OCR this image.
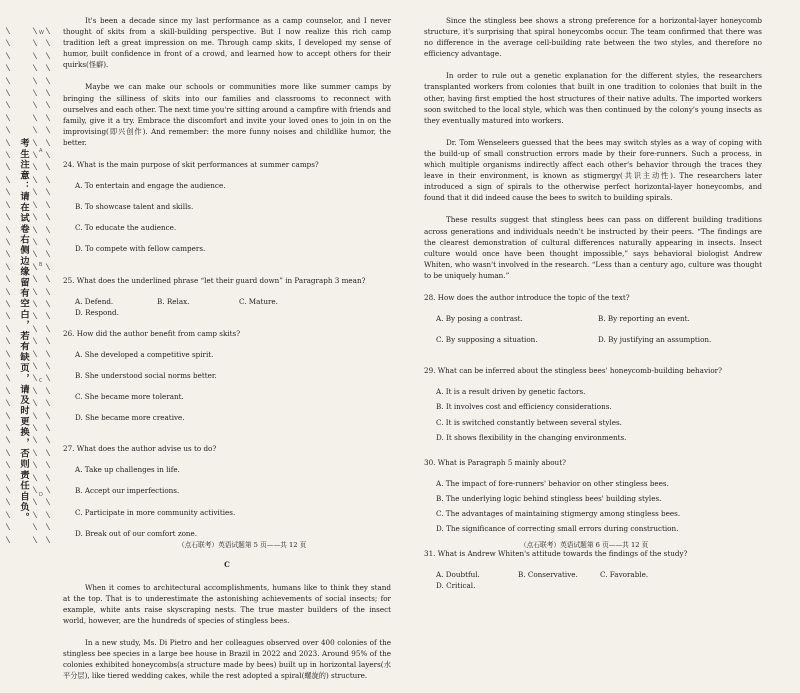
\
\
\
\
\
\
\
\
\
\
\
\
\
\
\
\
\
\
\
\
\
\
\
\
\
\
\
\
\
\
\
\
\
\
\
\
\
\
\
\
\
\
\
\
\
\
\
\
\
\
\
\
\
\
\
\
\
\
\
\
\
\
\
\
\
\
\
\
\
\
\
\
\
\
\
\
\
\
\
\
\
\
\
\
\
\
\
\
\
\
\
\
\
\
\
\
\
\
\
\
\
\
\
\
\
\
\
\
\
\
\
\
\
\
\
\
\
\
\
\
\
\
\
\
\
\
考生注意：请在试卷右侧边缘留有空白，若有缺页，请及时更换，否则责任自负。
W
A
B
C
D

It's been a decade since my last performance as a camp counselor, and I never thought of skits from a skill-building perspective. But I now realize this rich camp tradition left a great impression on me. Through camp skits, I developed my sense of humor, built confidence in front of a crowd, and learned how to accept others for their quirks(怪癖).

Maybe we can make our schools or communities more like summer camps by bringing the silliness of skits into our families and classrooms to reconnect with ourselves and each other. The next time you're sitting around a campfire with friends and family, give it a try. Embrace the discomfort and invite your loved ones to join in on the improvising(即兴创作). And remember: the more funny noises and childlike humor, the better.

24. What is the main purpose of skit performances at summer camps?
A. To entertain and engage the audience.
B. To showcase talent and skills.
C. To educate the audience.
D. To compete with fellow campers.
25. What does the underlined phrase “let their guard down” in Paragraph 3 mean?
A. Defend.	B. Relax.	C. Mature.
D. Respond.
26. How did the author benefit from camp skits?
A. She developed a competitive spirit.
B. She understood social norms better.
C. She became more tolerant.
D. She became more creative.
27. What does the author advise us to do?
A. Take up challenges in life.
B. Accept our imperfections.
C. Participate in more community activities.
D. Break out of our comfort zone.
C

When it comes to architectural accomplishments, humans like to think they stand at the top. That is to underestimate the astonishing achievements of social insects; for example, white ants raise skyscraping nests. The true master builders of the insect world, however, are the hundreds of species of stingless bees.

In a new study, Ms. Di Pietro and her colleagues observed over 400 colonies of the stingless bee species in a large bee house in Brazil in 2022 and 2023. Around 95% of the colonies exhibited honeycombs(a structure made by bees) built up in horizontal layers(水平分层), like tiered wedding cakes, while the rest adopted a spiral(螺旋的) structure.

（点石联考）英语试题第 5 页——共 12 页

Since the stingless bee shows a strong preference for a horizontal-layer honeycomb structure, it's surprising that spiral honeycombs occur. The team confirmed that there was no difference in the average cell-building rate between the two styles, and therefore no efficiency advantage.

In order to rule out a genetic explanation for the different styles, the researchers transplanted workers from colonies that built in one tradition to colonies that built in the other, having first emptied the host structures of their native adults. The imported workers soon switched to the local style, which was then continued by the colony's young insects as they eventually matured into workers.

Dr. Tom Wenseleers guessed that the bees may switch styles as a way of coping with the build-up of small construction errors made by their fore-runners. Such a process, in which multiple organisms indirectly affect each other's behavior through the traces they leave in their environment, is known as stigmergy(共识主动性). The researchers later introduced a sign of spirals to the otherwise perfect horizontal-layer honeycombs, and found that it did indeed cause the bees to switch to building spirals.

These results suggest that stingless bees can pass on different building traditions across generations and individuals needn't be instructed by their peers. “The findings are the clearest demonstration of cultural differences naturally appearing in insects. Insect culture would once have been thought impossible,” says behavioral biologist Andrew Whiten, who wasn't involved in the research. “Less than a century ago, culture was thought to be uniquely human.”

28. How does the author introduce the topic of the text?
A. By posing a contrast.	B. By reporting an event.
C. By supposing a situation.	D. By justifying an assumption.
29. What can be inferred about the stingless bees' honeycomb-building behavior?
A. It is a result driven by genetic factors.
B. It involves cost and efficiency considerations.
C. It is switched constantly between several styles.
D. It shows flexibility in the changing environments.
30. What is Paragraph 5 mainly about?
A. The impact of fore-runners' behavior on other stingless bees.
B. The underlying logic behind stingless bees' building styles.
C. The advantages of maintaining stigmergy among stingless bees.
D. The significance of correcting small errors during construction.
31. What is Andrew Whiten's attitude towards the findings of the study?
A. Doubtful.	B. Conservative.	C. Favorable.
D. Critical.
（点石联考）英语试题第 6 页——共 12 页
